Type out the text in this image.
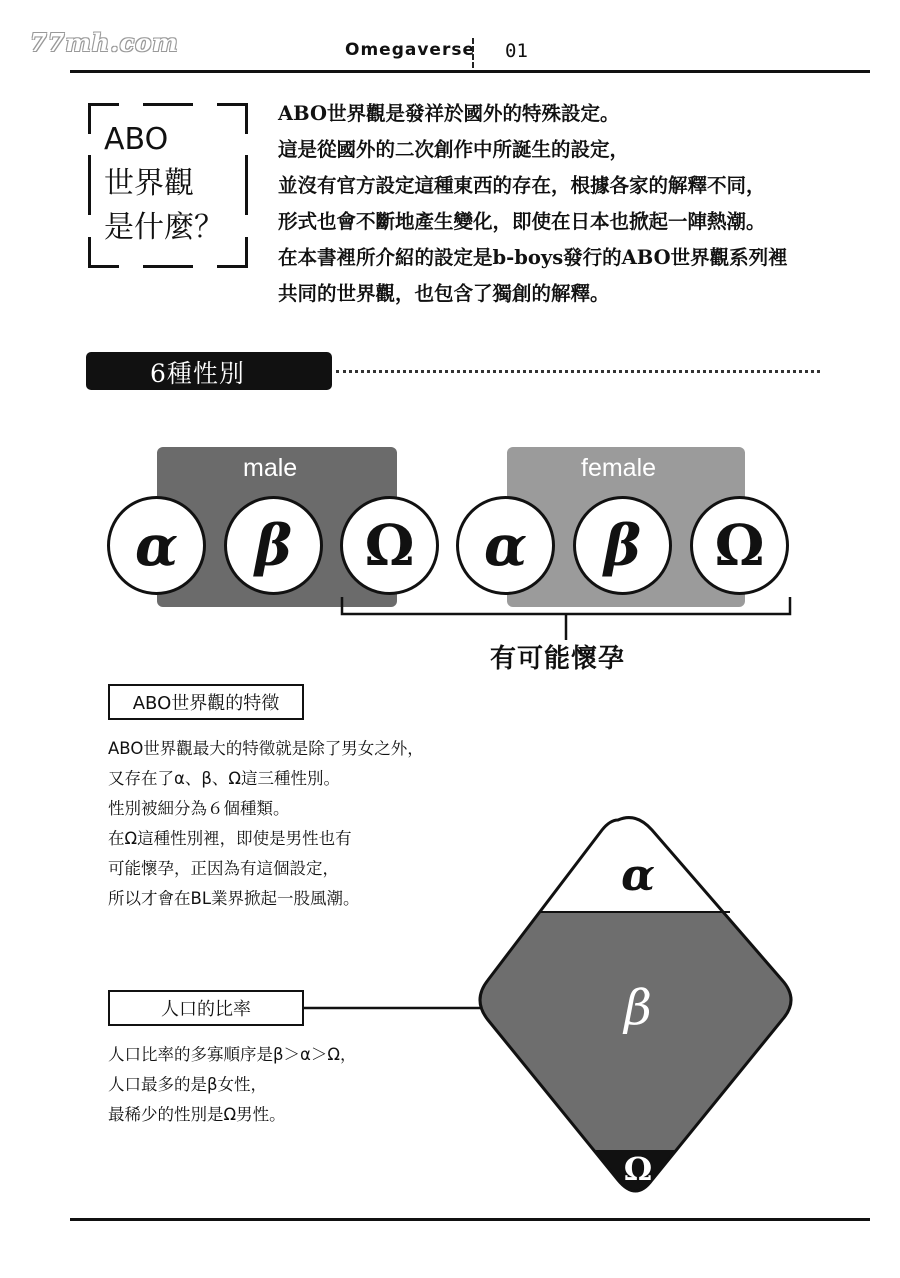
77mh.com	Omegaverse 01
ABO
世界觀
是什麼？
ABO世界觀是發祥於國外的特殊設定。
這是從國外的二次創作中所誕生的設定，
並沒有官方設定這種東西的存在，根據各家的解釋不同，
形式也會不斷地產生變化，即使在日本也掀起一陣熱潮。
在本書裡所介紹的設定是b-boys發行的ABO世界觀系列裡
共同的世界觀，也包含了獨創的解釋。
6種性別
male	female
α	β	Ω	α	β	Ω
有可能懷孕
ABO世界觀的特徵
ABO世界觀最大的特徵就是除了男女之外，
又存在了α、β、Ω這三種性別。
性別被細分為６個種類。
在Ω這種性別裡，即使是男性也有
可能懷孕，正因為有這個設定，
所以才會在BL業界掀起一股風潮。
人口的比率
人口比率的多寡順序是β＞α＞Ω，
人口最多的是β女性，
最稀少的性別是Ω男性。
α
β
Ω
